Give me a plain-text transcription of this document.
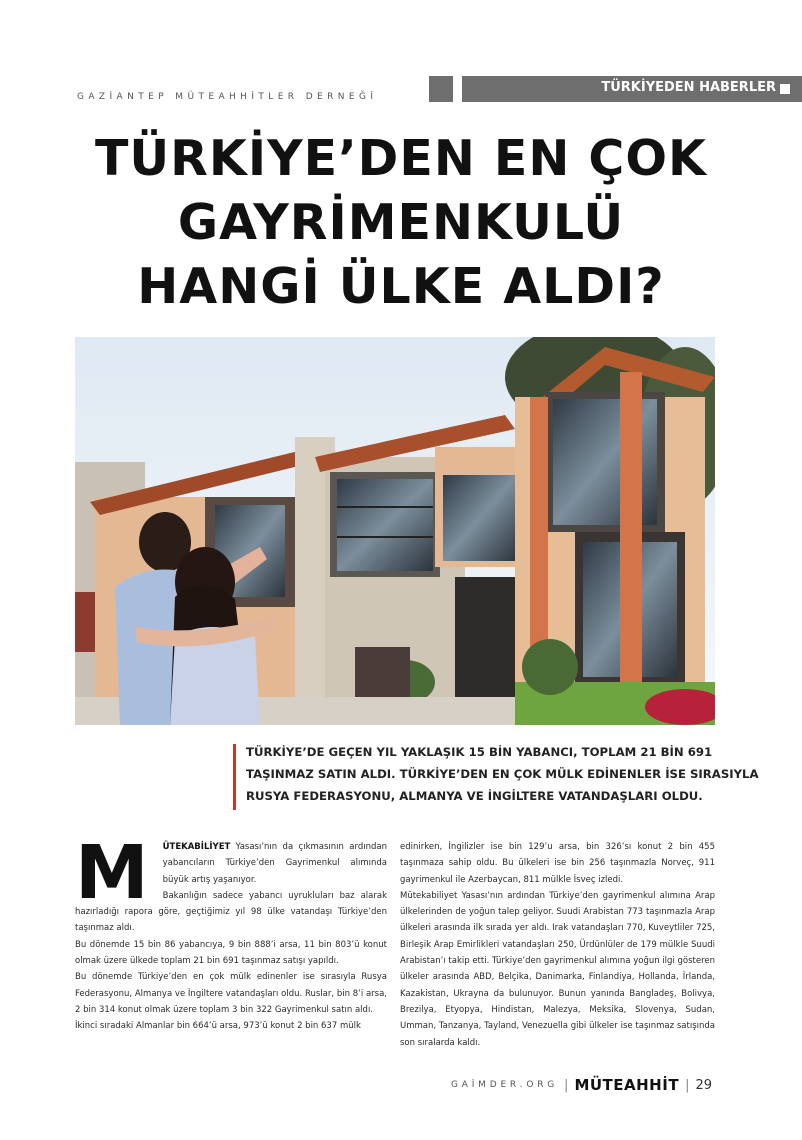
GAZİANTEP MÜTEAHHİTLER DERNEĞİ
TÜRKİYEDEN HABERLER
TÜRKİYE’DEN EN ÇOK
GAYRİMENKULÜ
HANGİ ÜLKE ALDI?
TÜRKİYE’DE GEÇEN YIL YAKLAŞIK 15 BİN YABANCI, TOPLAM 21 BİN 691
TAŞINMAZ SATIN ALDI. TÜRKİYE’DEN EN ÇOK MÜLK EDİNENLER İSE SIRASIYLA
RUSYA FEDERASYONU, ALMANYA VE İNGİLTERE VATANDAŞLARI OLDU.
M	ÜTEKABİLİYET Yasası’nın da çıkmasının ardından yabancıların Türkiye’den Gayrimenkul alımında büyük artış yaşanıyor.

Bakanlığın sadece yabancı uyrukluları baz alarak hazırladığı rapora göre, geçtiğimiz yıl 98 ülke vatandaşı Türkiye’den taşınmaz aldı.

Bu dönemde 15 bin 86 yabancıya, 9 bin 888’i arsa, 11 bin 803’ü konut olmak üzere ülkede toplam 21 bin 691 taşınmaz satışı yapıldı.

Bu dönemde Türkiye’den en çok mülk edinenler ise sırasıyla Rusya Federasyonu, Almanya ve İngiltere vatandaşları oldu. Ruslar, bin 8’i arsa, 2 bin 314 konut olmak üzere toplam 3 bin 322 Gayrimenkul satın aldı.

İkinci sıradaki Almanlar bin 664’ü arsa, 973’ü konut 2 bin 637 mülk

edinirken, İngilizler ise bin 129’u arsa, bin 326’sı konut 2 bin 455 taşınmaza sahip oldu. Bu ülkeleri ise bin 256 taşınmazla Norveç, 911 gayrimenkul ile Azerbaycan, 811 mülkle İsveç izledi.

Mütekabiliyet Yasası’nın ardından Türkiye’den gayrimenkul alımına Arap ülkelerinden de yoğun talep geliyor. Suudi Arabistan 773 taşınmazla Arap ülkeleri arasında ilk sırada yer aldı. Irak vatandaşları 770, Kuveytliler 725, Birleşik Arap Emirlikleri vatandaşları 250, Ürdünlüler de 179 mülkle Suudi Arabistan’ı takip etti. Türkiye’den gayrimenkul alımına yoğun ilgi gösteren ülkeler arasında ABD, Belçika, Danimarka, Finlandiya, Hollanda, İrlanda, Kazakistan, Ukrayna da bulunuyor. Bunun yanında Bangladeş, Bolivya, Brezilya, Etyopya, Hindistan, Malezya, Meksika, Slovenya, Sudan, Umman, Tanzanya, Tayland, Venezuella gibi ülkeler ise taşınmaz satışında son sıralarda kaldı.

GAİMDER.ORG | MÜTEAHHİT | 29
